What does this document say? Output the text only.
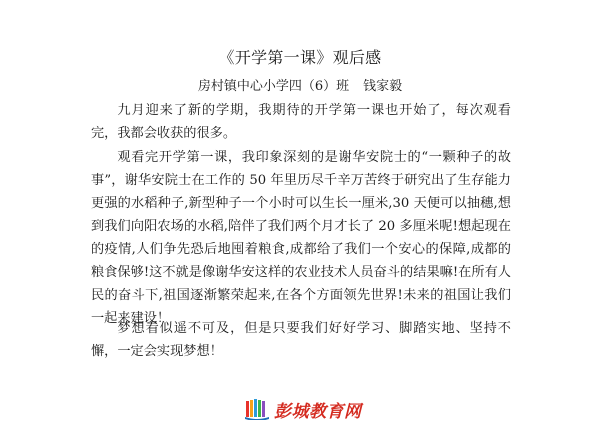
《开学第一课》观后感
房村镇中心小学四（6）班 钱家毅

九月迎来了新的学期，我期待的开学第一课也开始了，每次观看完，我都会收获的很多。

观看完开学第一课，我印象深刻的是谢华安院士的“一颗种子的故事”，谢华安院士在工作的 50 年里历尽千辛万苦终于研究出了生存能力更强的水稻种子,新型种子一个小时可以生长一厘米,30 天便可以抽穗,想到我们向阳农场的水稻,陪伴了我们两个月才长了 20 多厘米呢!想起现在的疫情,人们争先恐后地囤着粮食,成都给了我们一个安心的保障,成都的粮食保够!这不就是像谢华安这样的农业技术人员奋斗的结果嘛!在所有人民的奋斗下,祖国逐渐繁荣起来,在各个方面领先世界!未来的祖国让我们一起来建设！

梦想看似遥不可及，但是只要我们好好学习、脚踏实地、坚持不懈，一定会实现梦想！

彭城教育网
